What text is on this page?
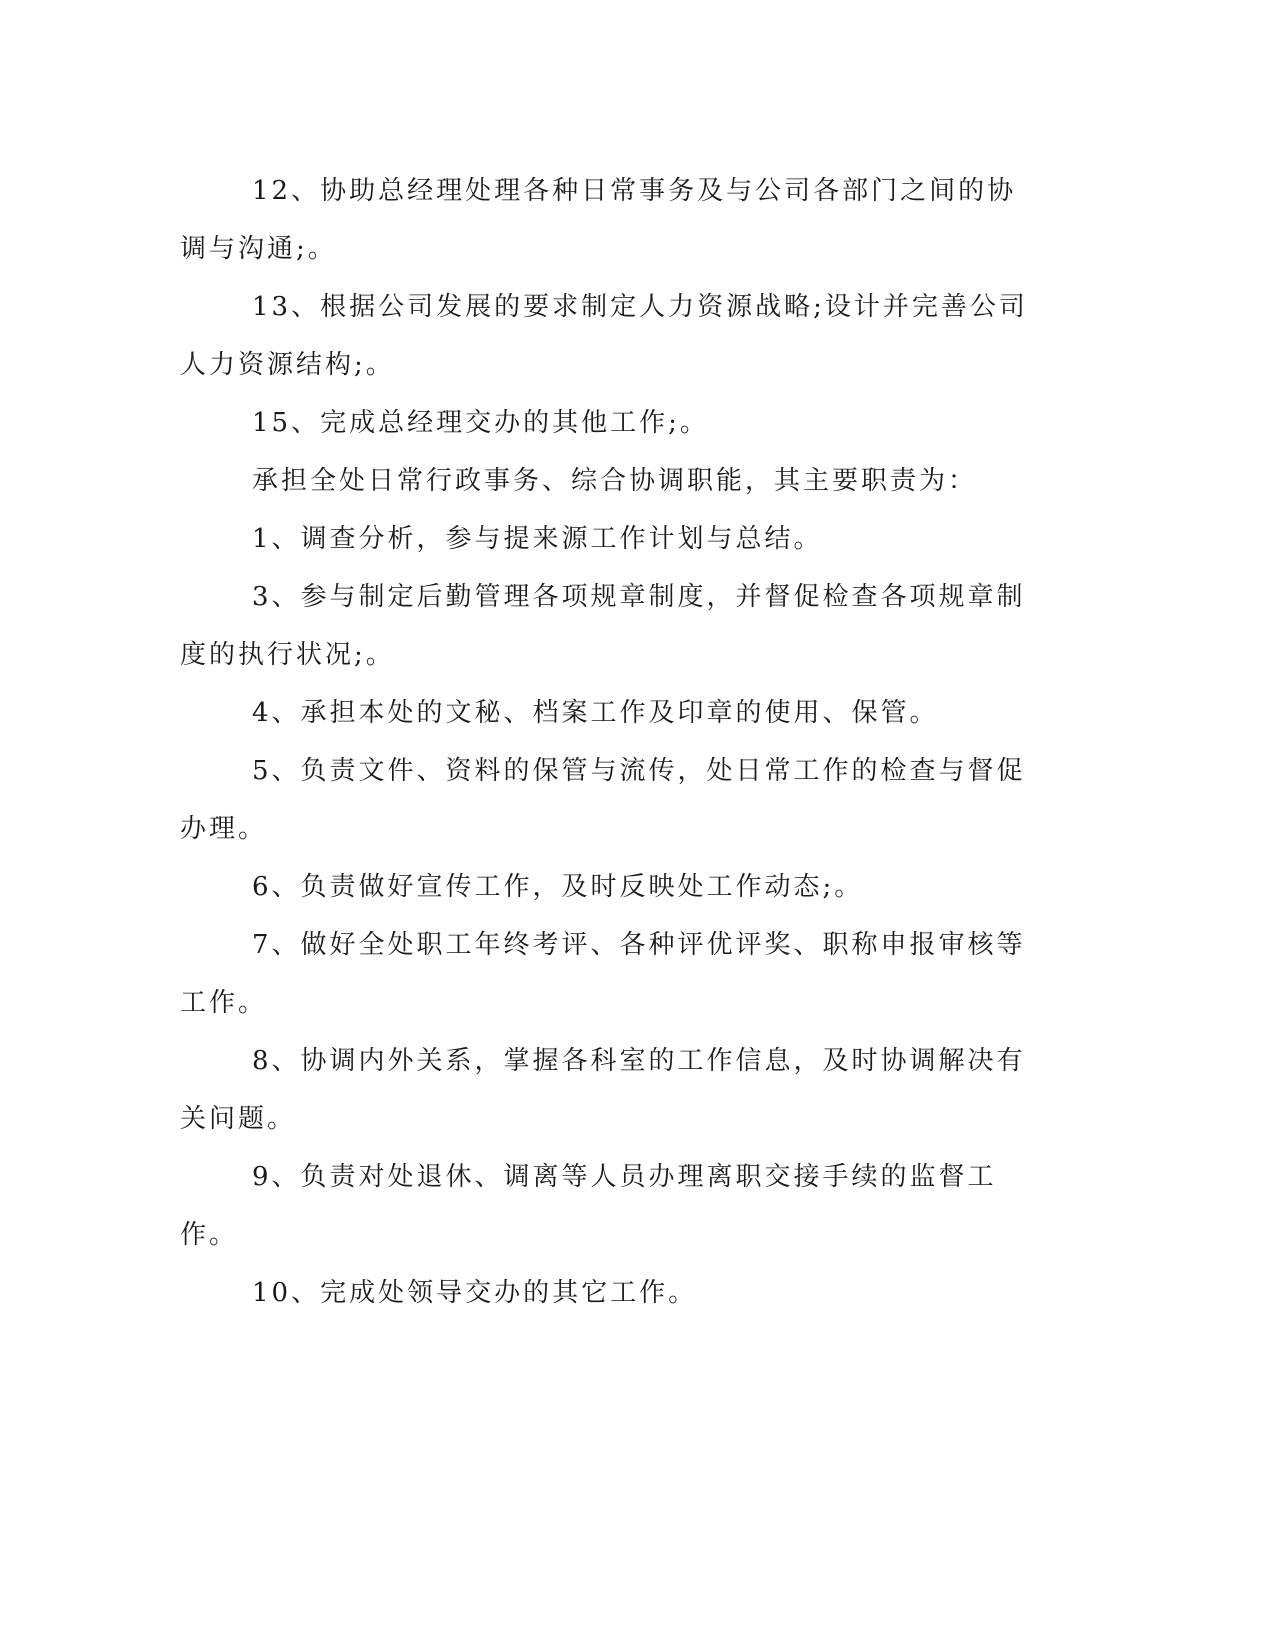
12、协助总经理处理各种日常事务及与公司各部门之间的协调与沟通;。

13、根据公司发展的要求制定人力资源战略;设计并完善公司人力资源结构;。

15、完成总经理交办的其他工作;。

承担全处日常行政事务、综合协调职能，其主要职责为：

1、调查分析，参与提来源工作计划与总结。

3、参与制定后勤管理各项规章制度，并督促检查各项规章制度的执行状况;。

4、承担本处的文秘、档案工作及印章的使用、保管。

5、负责文件、资料的保管与流传，处日常工作的检查与督促办理。

6、负责做好宣传工作，及时反映处工作动态;。

7、做好全处职工年终考评、各种评优评奖、职称申报审核等工作。

8、协调内外关系，掌握各科室的工作信息，及时协调解决有关问题。

9、负责对处退休、调离等人员办理离职交接手续的监督工作。

10、完成处领导交办的其它工作。
